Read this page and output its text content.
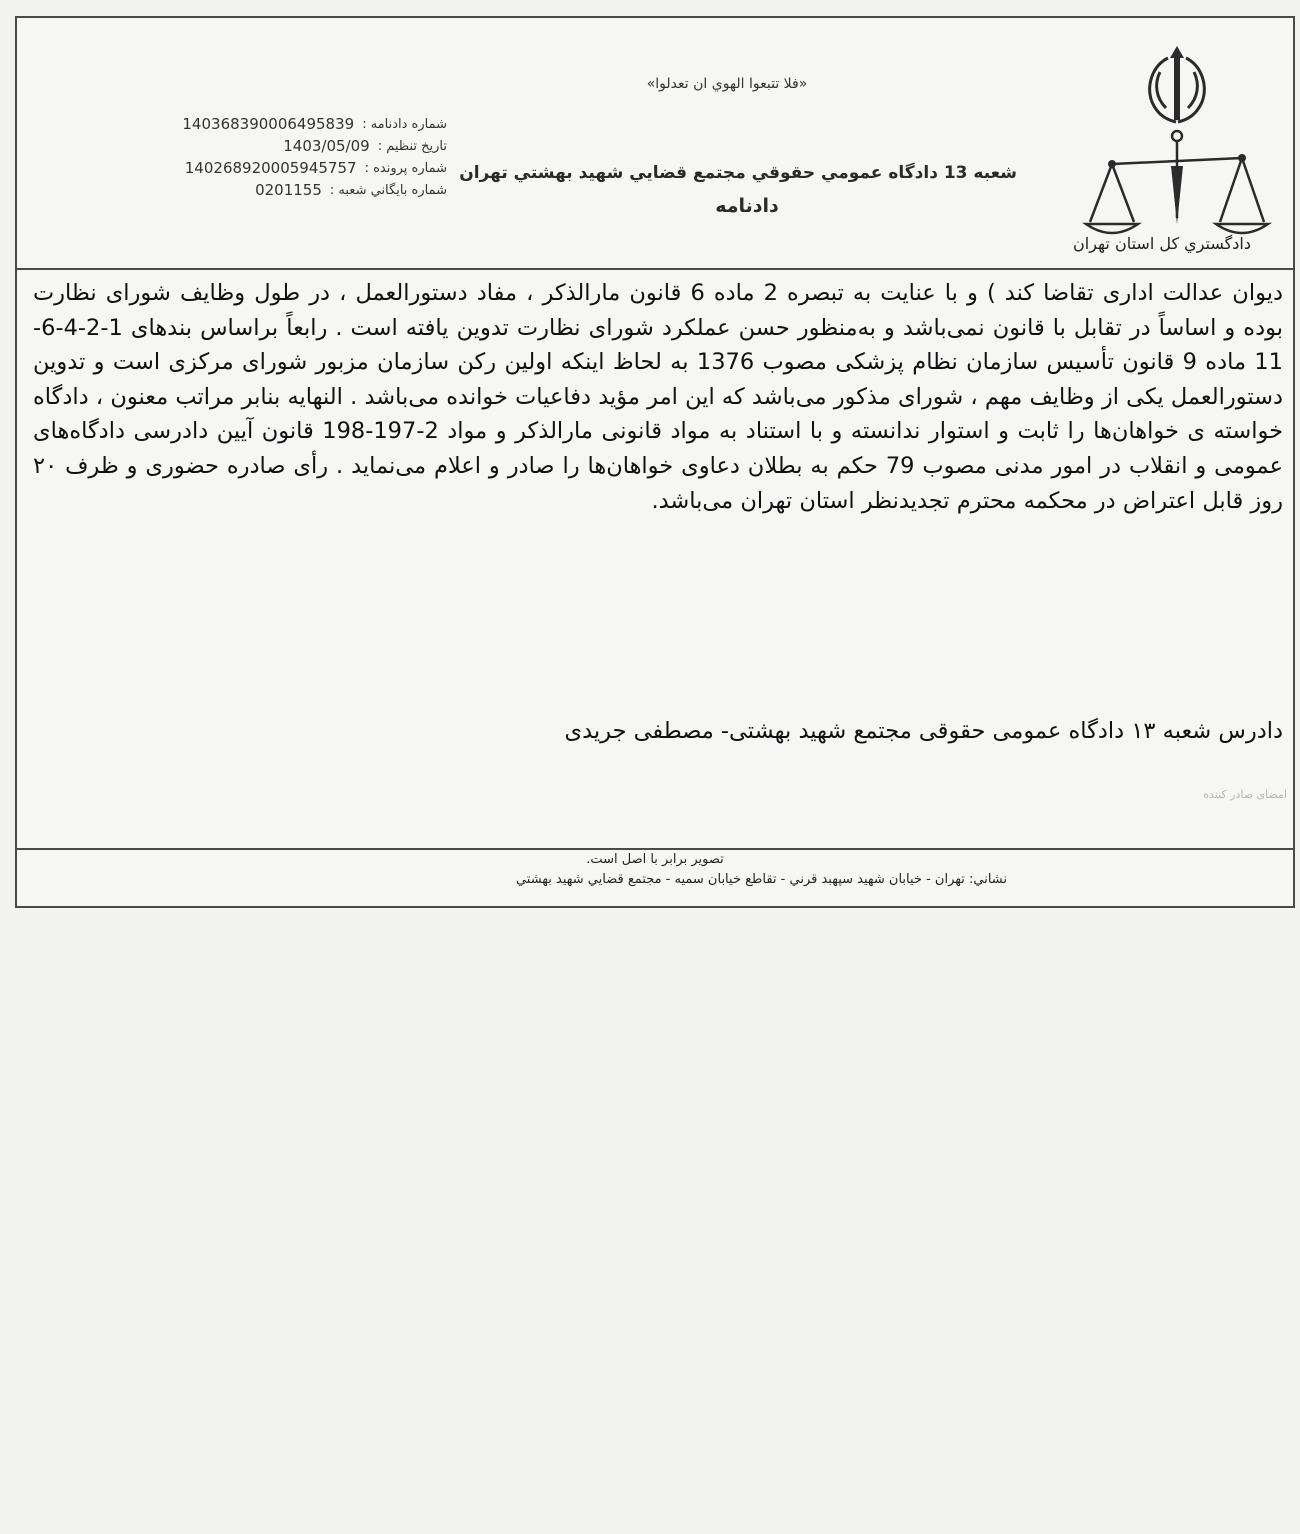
دادگستري كل استان تهران
«فلا تتبعوا الهوي ان تعدلوا»
شعبه 13 دادگاه عمومي حقوقي مجتمع قضايي شهيد بهشتي تهران
دادنامه
شماره دادنامه :
140368390006495839
تاريخ تنظيم :
1403/05/09
شماره پرونده :
140268920005945757
شماره بايگاني شعبه :
0201155
ديوان عدالت اداری تقاضا کند ) و با عنايت به تبصره 2 ماده 6 قانون مارالذکر ، مفاد دستورالعمل ، در طول وظايف شورای نظارت بوده و اساساً در تقابل با قانون نمی‌باشد و به‌منظور حسن عملکرد شورای نظارت تدوين يافته است . رابعاً براساس بندهای 1-2-4-6-11 ماده 9 قانون تأسيس سازمان نظام پزشکی مصوب 1376 به لحاظ اينکه اولين رکن سازمان مزبور شورای مرکزی است و تدوين دستورالعمل يکی از وظايف مهم ، شورای مذکور می‌باشد که اين امر مؤيد دفاعيات خوانده می‌باشد . النهايه بنابر مراتب معنون ، دادگاه خواسته ی خواهان‌ها را ثابت و استوار ندانسته و با استناد به مواد قانونی مارالذکر و مواد 2-197-198 قانون آيين دادرسی دادگاه‌های عمومی و انقلاب در امور مدنی مصوب 79 حکم به بطلان دعاوی خواهان‌ها را صادر و اعلام می‌نمايد . رأی صادره حضوری و ظرف ۲۰ روز قابل اعتراض در محکمه محترم تجديدنظر استان تهران می‌باشد.
دادرس شعبه ۱۳ دادگاه عمومی حقوقی مجتمع شهيد بهشتی- مصطفی جريدی
امضای صادر کننده
تصوير برابر با اصل است.
نشاني: تهران - خيابان شهيد سپهبد قرني - تقاطع خيابان سميه - مجتمع قضايي شهيد بهشتي
